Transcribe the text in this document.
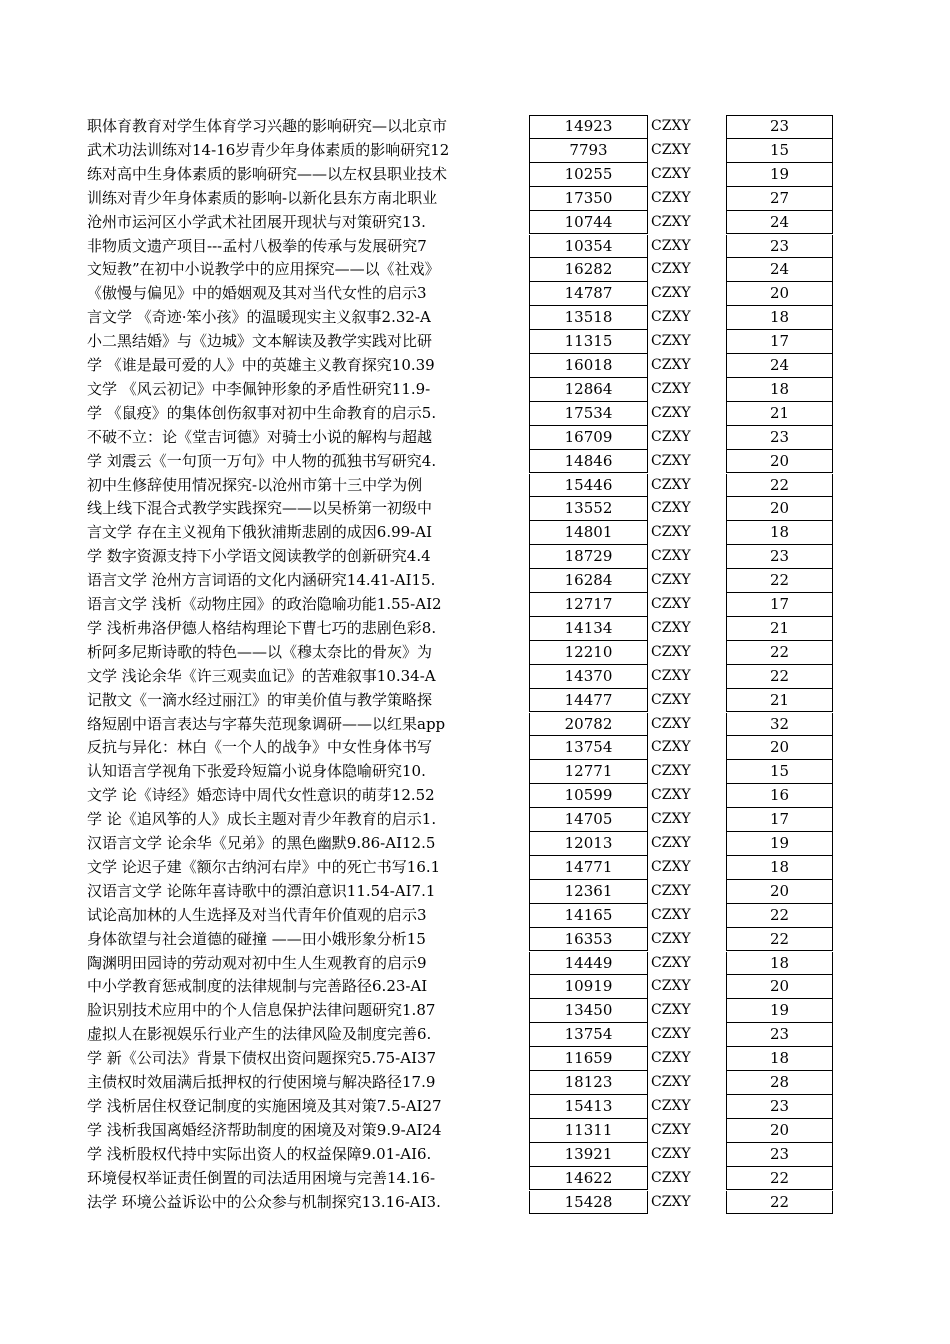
职体育教育对学生体育学习兴趣的影响研究—以北京市	14923	CZXY	23
武术功法训练对14-16岁青少年身体素质的影响研究12	7793	CZXY	15
练对高中生身体素质的影响研究——以左权县职业技术	10255	CZXY	19
训练对青少年身体素质的影响-以新化县东方南北职业	17350	CZXY	27
沧州市运河区小学武术社团展开现状与对策研究13.	10744	CZXY	24
非物质文遗产项目---孟村八极拳的传承与发展研究7	10354	CZXY	23
文短教”在初中小说教学中的应用探究——以《社戏》	16282	CZXY	24
《傲慢与偏见》中的婚姻观及其对当代女性的启示3	14787	CZXY	20
言文学 《奇迹·笨小孩》的温暖现实主义叙事2.32-A	13518	CZXY	18
小二黑结婚》与《边城》文本解读及教学实践对比研	11315	CZXY	17
学 《谁是最可爱的人》中的英雄主义教育探究10.39	16018	CZXY	24
文学 《风云初记》中李佩钟形象的矛盾性研究11.9-	12864	CZXY	18
学 《鼠疫》的集体创伤叙事对初中生命教育的启示5.	17534	CZXY	21
不破不立：论《堂吉诃德》对骑士小说的解构与超越	16709	CZXY	23
学 刘震云《一句顶一万句》中人物的孤独书写研究4.	14846	CZXY	20
初中生修辞使用情况探究-以沧州市第十三中学为例	15446	CZXY	22
线上线下混合式教学实践探究——以吴桥第一初级中	13552	CZXY	20
言文学 存在主义视角下俄狄浦斯悲剧的成因6.99-AI	14801	CZXY	18
学 数字资源支持下小学语文阅读教学的创新研究4.4	18729	CZXY	23
语言文学 沧州方言词语的文化内涵研究14.41-AI15.	16284	CZXY	22
语言文学 浅析《动物庄园》的政治隐喻功能1.55-AI2	12717	CZXY	17
学 浅析弗洛伊德人格结构理论下曹七巧的悲剧色彩8.	14134	CZXY	21
析阿多尼斯诗歌的特色——以《穆太奈比的骨灰》为	12210	CZXY	22
文学 浅论余华《许三观卖血记》的苦难叙事10.34-A	14370	CZXY	22
记散文《一滴水经过丽江》的审美价值与教学策略探	14477	CZXY	21
络短剧中语言表达与字幕失范现象调研——以红果app	20782	CZXY	32
反抗与异化：林白《一个人的战争》中女性身体书写	13754	CZXY	20
认知语言学视角下张爱玲短篇小说身体隐喻研究10.	12771	CZXY	15
文学 论《诗经》婚恋诗中周代女性意识的萌芽12.52	10599	CZXY	16
学 论《追风筝的人》成长主题对青少年教育的启示1.	14705	CZXY	17
汉语言文学 论余华《兄弟》的黑色幽默9.86-AI12.5	12013	CZXY	19
文学 论迟子建《额尔古纳河右岸》中的死亡书写16.1	14771	CZXY	18
汉语言文学 论陈年喜诗歌中的漂泊意识11.54-AI7.1	12361	CZXY	20
试论高加林的人生选择及对当代青年价值观的启示3	14165	CZXY	22
身体欲望与社会道德的碰撞 ——田小娥形象分析15	16353	CZXY	22
陶渊明田园诗的劳动观对初中生人生观教育的启示9	14449	CZXY	18
中小学教育惩戒制度的法律规制与完善路径6.23-AI	10919	CZXY	20
脸识别技术应用中的个人信息保护法律问题研究1.87	13450	CZXY	19
虚拟人在影视娱乐行业产生的法律风险及制度完善6.	13754	CZXY	23
学 新《公司法》背景下债权出资问题探究5.75-AI37	11659	CZXY	18
主债权时效届满后抵押权的行使困境与解决路径17.9	18123	CZXY	28
学 浅析居住权登记制度的实施困境及其对策7.5-AI27	15413	CZXY	23
学 浅析我国离婚经济帮助制度的困境及对策9.9-AI24	11311	CZXY	20
学 浅析股权代持中实际出资人的权益保障9.01-AI6.	13921	CZXY	23
环境侵权举证责任倒置的司法适用困境与完善14.16-	14622	CZXY	22
法学 环境公益诉讼中的公众参与机制探究13.16-AI3.	15428	CZXY	22
